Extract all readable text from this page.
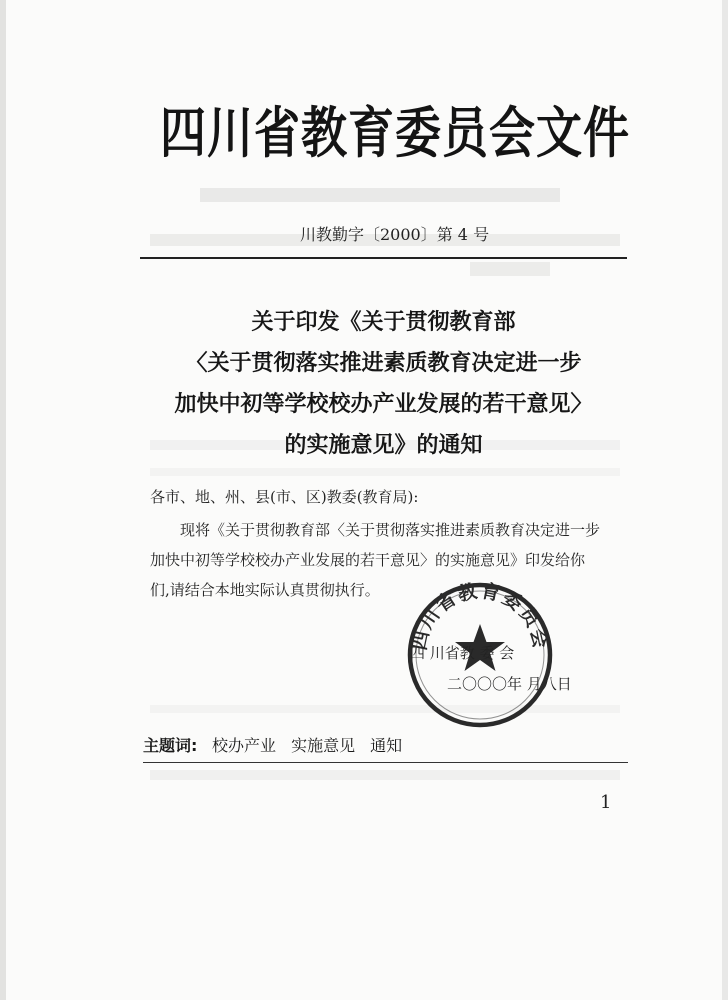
四川省教育委员会文件
川教勤字〔2000〕第 4 号
关于印发《关于贯彻教育部
〈关于贯彻落实推进素质教育决定进一步
加快中初等学校校办产业发展的若干意见〉
的实施意见》的通知
各市、地、州、县(市、区)教委(教育局):
现将《关于贯彻教育部〈关于贯彻落实推进素质教育决定进一步
加快中初等学校校办产业发展的若干意见〉的实施意见》印发给你
们,请结合本地实际认真贯彻执行。
四川省教育委员会
四 川省教 委 会
二〇〇〇年 月八日
主题词: 校办产业 实施意见 通知
1
